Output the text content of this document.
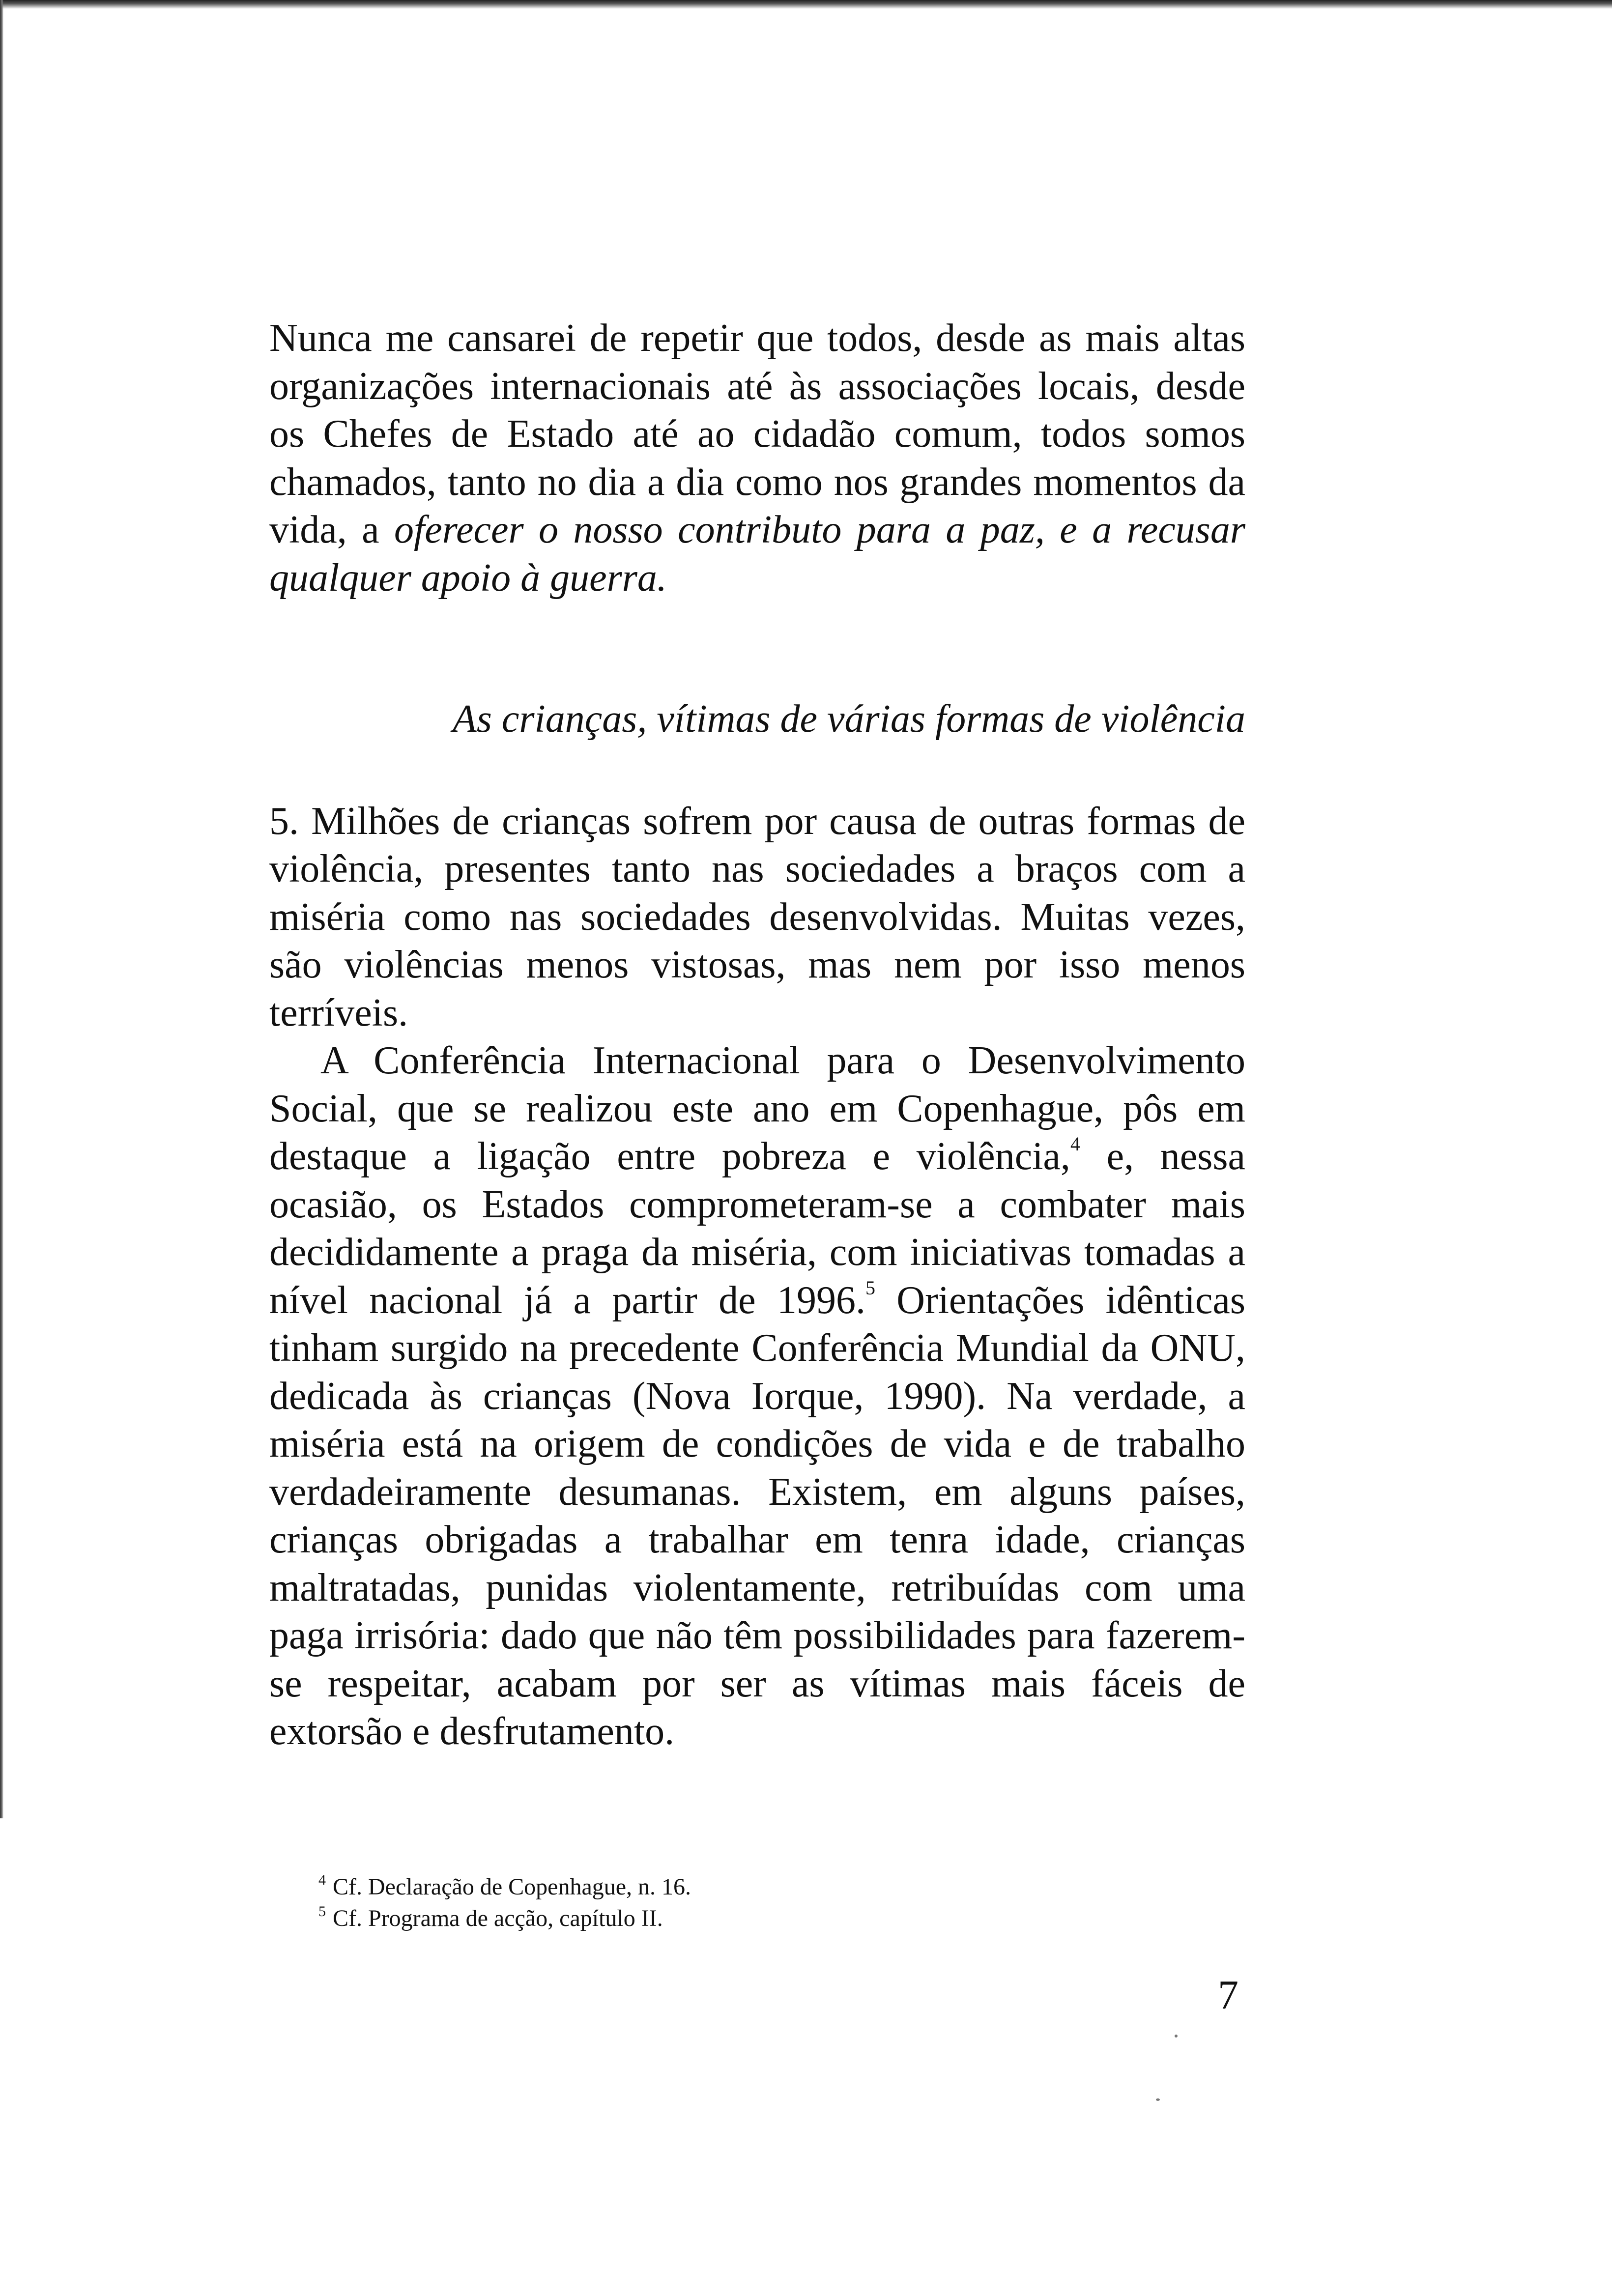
Nunca me cansarei de repetir que todos, desde as mais altas organizações internacionais até às associações locais, desde os Chefes de Estado até ao cidadão comum, todos somos chamados, tanto no dia a dia como nos grandes momentos da vida, a oferecer o nosso contributo para a paz, e a recusar qualquer apoio à guerra.

As crianças, vítimas de várias formas de violência

5. Milhões de crianças sofrem por causa de outras formas de violência, presentes tanto nas sociedades a braços com a miséria como nas sociedades desenvolvidas. Muitas vezes, são violências menos vistosas, mas nem por isso menos terríveis.

A Conferência Internacional para o Desenvolvimento Social, que se realizou este ano em Copenhague, pôs em destaque a ligação entre pobreza e violência,$^4$ e, nessa ocasião, os Estados comprometeram-se a combater mais decididamente a praga da miséria, com iniciativas tomadas a nível nacional já a partir de 1996.$^5$ Orientações idênticas tinham surgido na precedente Conferência Mundial da ONU, dedicada às crianças (Nova Iorque, 1990). Na verdade, a miséria está na origem de condições de vida e de trabalho verdadeiramente desumanas. Existem, em alguns países, crianças obrigadas a trabalhar em tenra idade, crianças maltratadas, punidas violentamente, retribuídas com uma paga irrisória: dado que não têm possibilidades para fazerem-se respeitar, acabam por ser as vítimas mais fáceis de extorsão e desfrutamento.

$^4$ Cf. Declaração de Copenhague, n. 16.

$^5$ Cf. Programa de acção, capítulo II.

7
